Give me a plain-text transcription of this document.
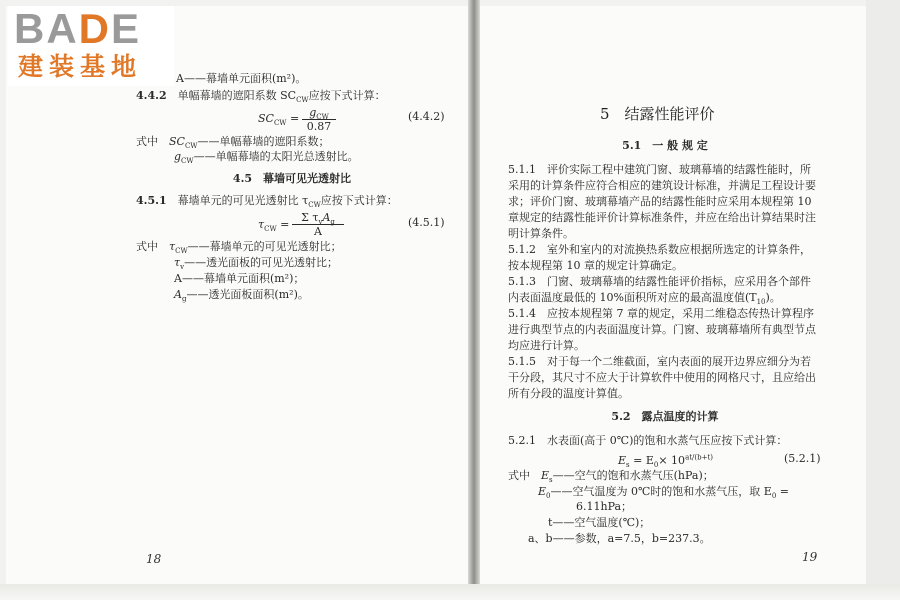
BADE
建装基地	A——幕墙单元面积(m²)。
4.4.2　 单幅幕墙的遮阳系数 $SC_{CW}$应按下式计算：
$SC_{CW} = g_{CW}$
0.87
(4.4.2)
式中　 $SC_{CW}——$单幅幕墙的遮阳系数；
$g_{CW}——$单幅幕墙的太阳光总透射比。
4.5　幕墙可见光透射比
4.5.1　 幕墙单元的可见光透射比 $\tau_{CW}$应按下式计算：
$\tau_{CW}$ =
Σ $\tau_vA_g$
A
(4.5.1)
式中　 $\tau_{CW}——$幕墙单元的可见光透射比；
$\tau_v——$透光面板的可见光透射比；
A——幕墙单元面积(m²)；
$A_g——$透光面板面积(m²)。
18
5　结露性能评价
5.1　一 般 规 定
5.1.1　评价实际工程中建筑门窗、玻璃幕墙的结露性能时，所
采用的计算条件应符合相应的建筑设计标准，并满足工程设计要
求；评价门窗、玻璃幕墙产品的结露性能时应采用本规程第 10
章规定的结露性能评价计算标准条件，并应在给出计算结果时注
明计算条件。
5.1.2　室外和室内的对流换热系数应根据所选定的计算条件，
按本规程第 10 章的规定计算确定。
5.1.3　门窗、玻璃幕墙的结露性能评价指标，应采用各个部件
内表面温度最低的 10%面积所对应的最高温度值$(T_{10})$。
5.1.4　应按本规程第 7 章的规定，采用二维稳态传热计算程序
进行典型节点的内表面温度计算。门窗、玻璃幕墙所有典型节点
均应进行计算。
5.1.5　对于每一个二维截面，室内表面的展开边界应细分为若
干分段，其尺寸不应大于计算软件中使用的网格尺寸，且应给出
所有分段的温度计算值。
5.2　露点温度的计算
5.2.1　水表面(高于 0℃)的饱和水蒸气压应按下式计算：
$E_s = E_0\times 10^{at/(b+t)}$	(5.2.1)
式中　 $E_s——$空气的饱和水蒸气压(hPa)；
$E_0——$空气温度为 0℃时的饱和水蒸气压，取 $E_0$ =
6.11hPa；
t——空气温度(℃)；
a、b——参数，a=7.5，b=237.3。
19
